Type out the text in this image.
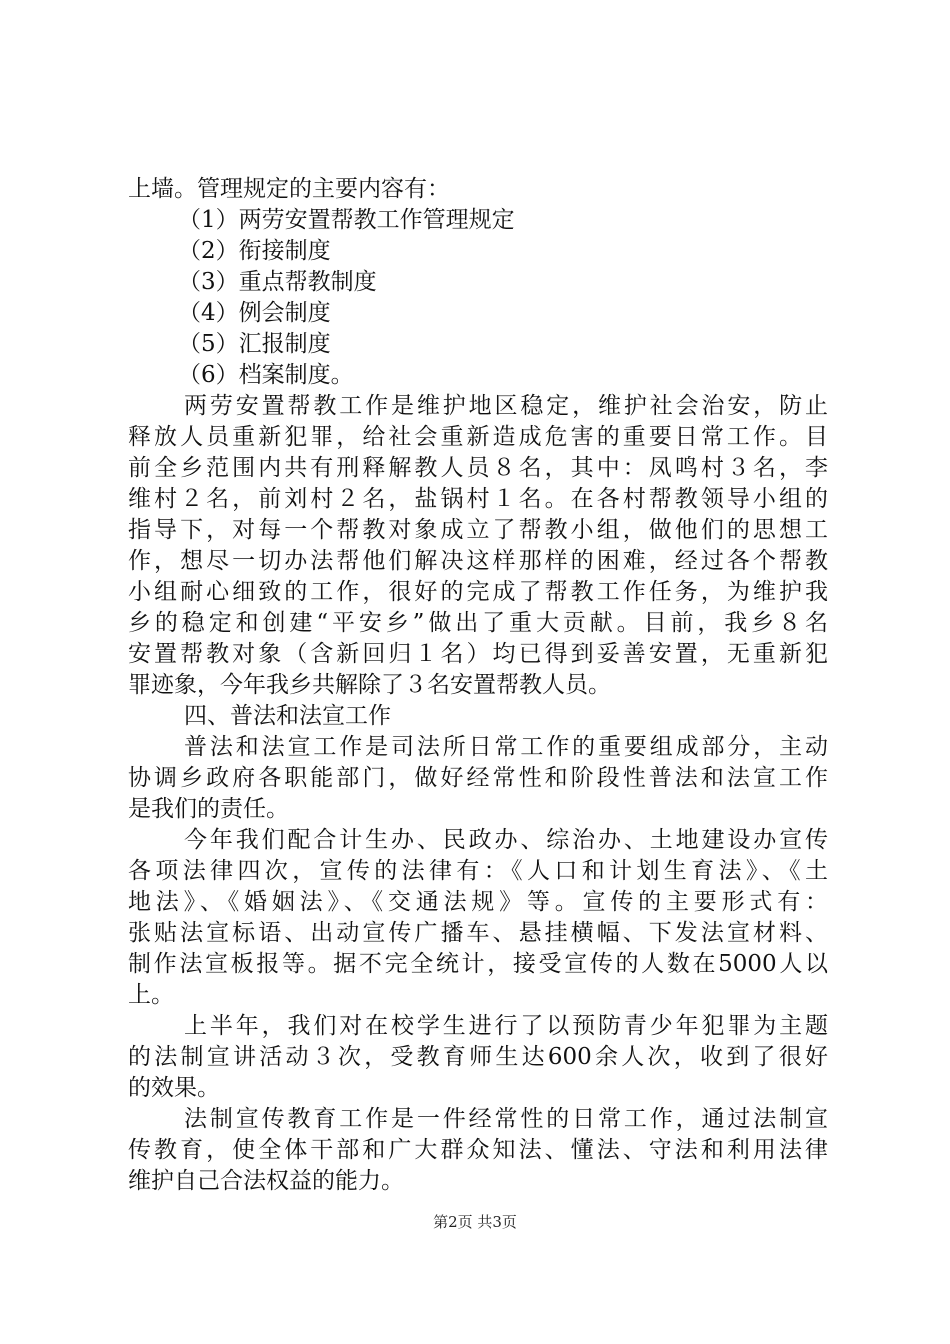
上墙。管理规定的主要内容有：
（1）两劳安置帮教工作管理规定
（2）衔接制度
（3）重点帮教制度
（4）例会制度
（5）汇报制度
（6）档案制度。
两劳安置帮教工作是维护地区稳定，维护社会治安，防止
释放人员重新犯罪，给社会重新造成危害的重要日常工作。目
前全乡范围内共有刑释解教人员８名，其中：凤鸣村３名，李
维村２名，前刘村２名，盐锅村１名。在各村帮教领导小组的
指导下，对每一个帮教对象成立了帮教小组，做他们的思想工
作，想尽一切办法帮他们解决这样那样的困难，经过各个帮教
小组耐心细致的工作，很好的完成了帮教工作任务，为维护我
乡的稳定和创建“平安乡”做出了重大贡献。目前，我乡８名
安置帮教对象（含新回归１名）均已得到妥善安置，无重新犯
罪迹象，今年我乡共解除了３名安置帮教人员。
四、普法和法宣工作
普法和法宣工作是司法所日常工作的重要组成部分，主动
协调乡政府各职能部门，做好经常性和阶段性普法和法宣工作
是我们的责任。
今年我们配合计生办、民政办、综治办、土地建设办宣传
各项法律四次，宣传的法律有：《人口和计划生育法》、《土
地法》、《婚姻法》、《交通法规》等。宣传的主要形式有：
张贴法宣标语、出动宣传广播车、悬挂横幅、下发法宣材料、
制作法宣板报等。据不完全统计，接受宣传的人数在5000人以
上。
上半年，我们对在校学生进行了以预防青少年犯罪为主题
的法制宣讲活动３次，受教育师生达600余人次，收到了很好
的效果。
法制宣传教育工作是一件经常性的日常工作，通过法制宣
传教育，使全体干部和广大群众知法、懂法、守法和利用法律
维护自己合法权益的能力。
第2页 共3页
